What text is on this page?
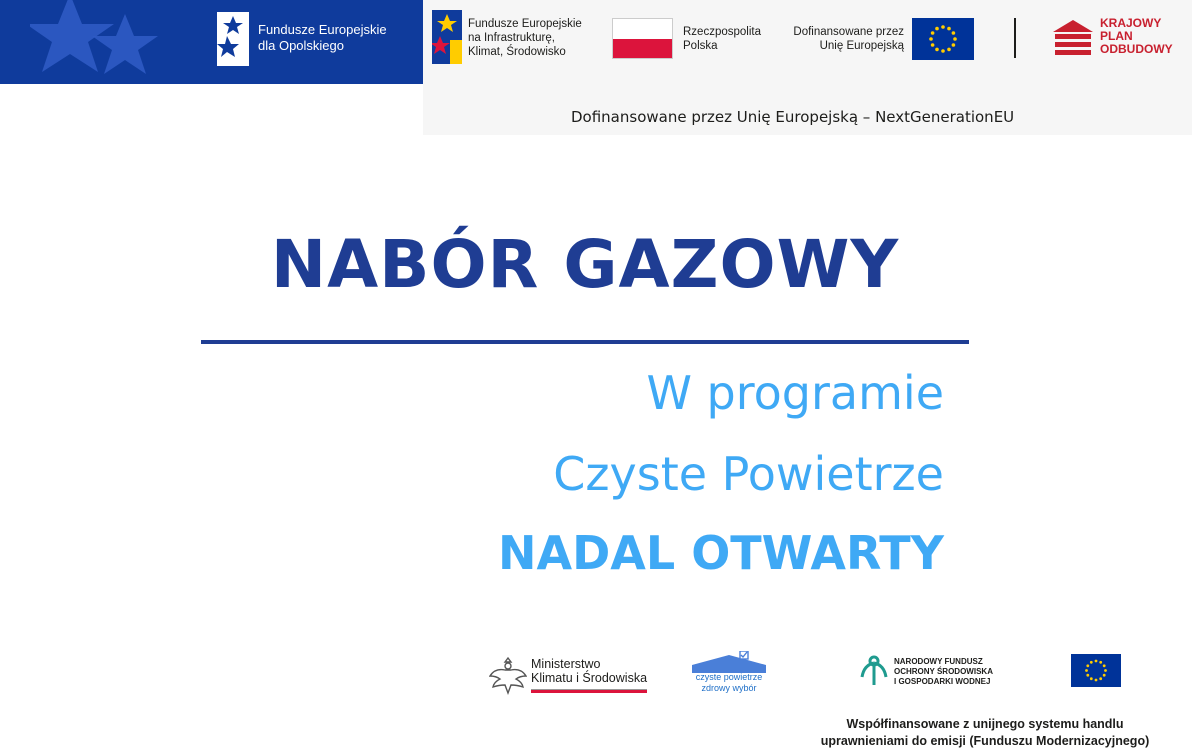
Fundusze Europejskie
dla Opolskiego
Fundusze Europejskie
na Infrastrukturę,
Klimat, Środowisko
Rzeczpospolita
Polska
Dofinansowane przez
Unię Europejską
KRAJOWY
PLAN
ODBUDOWY
Dofinansowane przez Unię Europejską – NextGenerationEU
NABÓR GAZOWY
W programie
Czyste Powietrze
NADAL OTWARTY
Ministerstwo
Klimatu i Środowiska	czyste powietrze
zdrowy wybór
NARODOWY FUNDUSZ
OCHRONY ŚRODOWISKA
I GOSPODARKI WODNEJ
Współfinansowane z unijnego systemu handlu
uprawnieniami do emisji (Funduszu Modernizacyjnego)
